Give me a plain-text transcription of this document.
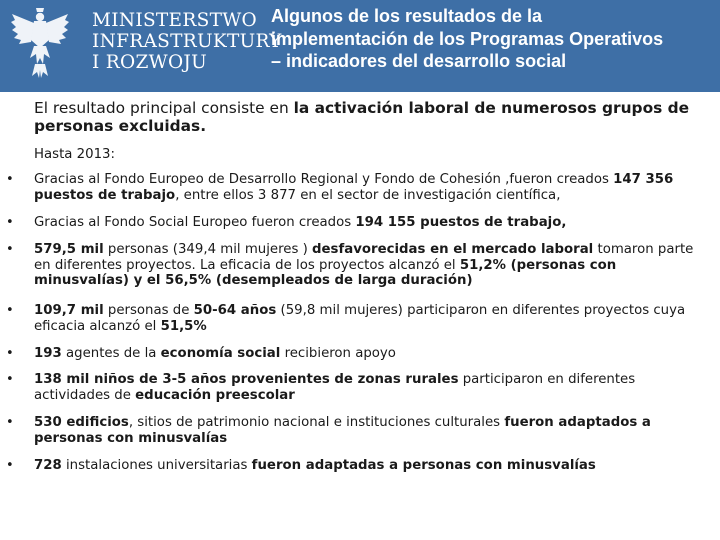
MINISTERSTWO
INFRASTRUKTURY
I ROZWOJU
Algunos de los resultados de la
implementación de los Programas Operativos
– indicadores del desarrollo social
El resultado principal consiste en la activación laboral de numerosos grupos de personas excluidas.
Hasta 2013:
• Gracias al Fondo Europeo de Desarrollo Regional y Fondo de Cohesión ,fueron creados 147 356 puestos de trabajo, entre ellos 3 877 en el sector de investigación científica,
• Gracias al Fondo Social Europeo fueron creados 194 155 puestos de trabajo,
• 579,5 mil personas (349,4 mil mujeres ) desfavorecidas en el mercado laboral tomaron parte en diferentes proyectos. La eficacia de los proyectos alcanzó el 51,2% (personas con minusvalías) y el 56,5% (desempleados de larga duración)
• 109,7 mil personas de 50-64 años (59,8 mil mujeres) participaron en diferentes proyectos cuya eficacia alcanzó el 51,5%
• 193 agentes de la economía social recibieron apoyo
• 138 mil niños de 3-5 años provenientes de zonas rurales participaron en diferentes actividades de educación preescolar
• 530 edificios, sitios de patrimonio nacional e instituciones culturales fueron adaptados a personas con minusvalías
• 728 instalaciones universitarias fueron adaptadas a personas con minusvalías
